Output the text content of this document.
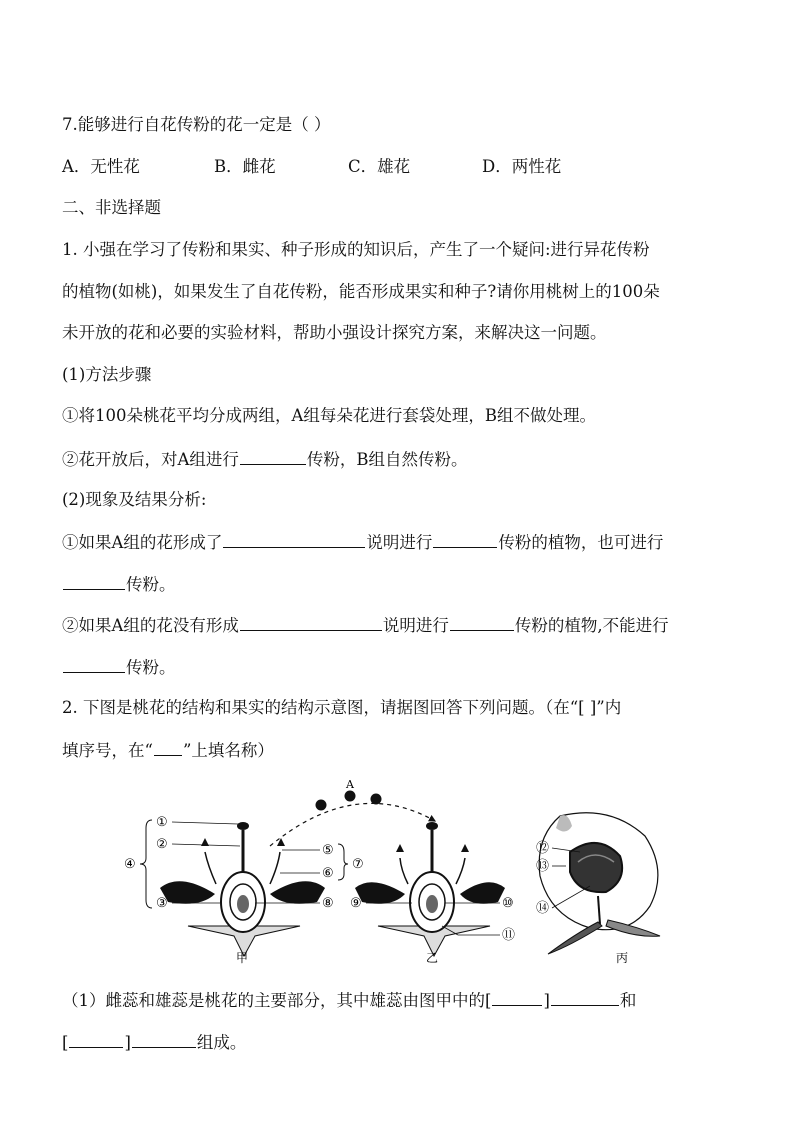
7.能够进行自花传粉的花一定是（ ）
A．无性花	B．雌花	C．雄花	D．两性花
二、非选择题
1. 小强在学习了传粉和果实、种子形成的知识后，产生了一个疑问:进行异花传粉
的植物(如桃)，如果发生了自花传粉，能否形成果实和种子?请你用桃树上的100朵
未开放的花和必要的实验材料，帮助小强设计探究方案，来解决这一问题。
(1)方法步骤
①将100朵桃花平均分成两组，A组每朵花进行套袋处理，B组不做处理。
②花开放后，对A组进行	传粉，B组自然传粉。
(2)现象及结果分析:
①如果A组的花形成了	说明进行	传粉的植物，也可进行
传粉。
②如果A组的花没有形成	说明进行	传粉的植物,不能进行
传粉。
2. 下图是桃花的结构和果实的结构示意图，请据图回答下列问题。（在“[ ]”内
填序号，在“ ”上填名称）
A
①
②
③
④
⑤
⑥
⑦
⑧
甲
⑨	⑩
⑪
乙
⑫
⑬
⑭
丙
（1）雌蕊和雄蕊是桃花的主要部分，其中雄蕊由图甲中的[	]	和
[	]	组成。
